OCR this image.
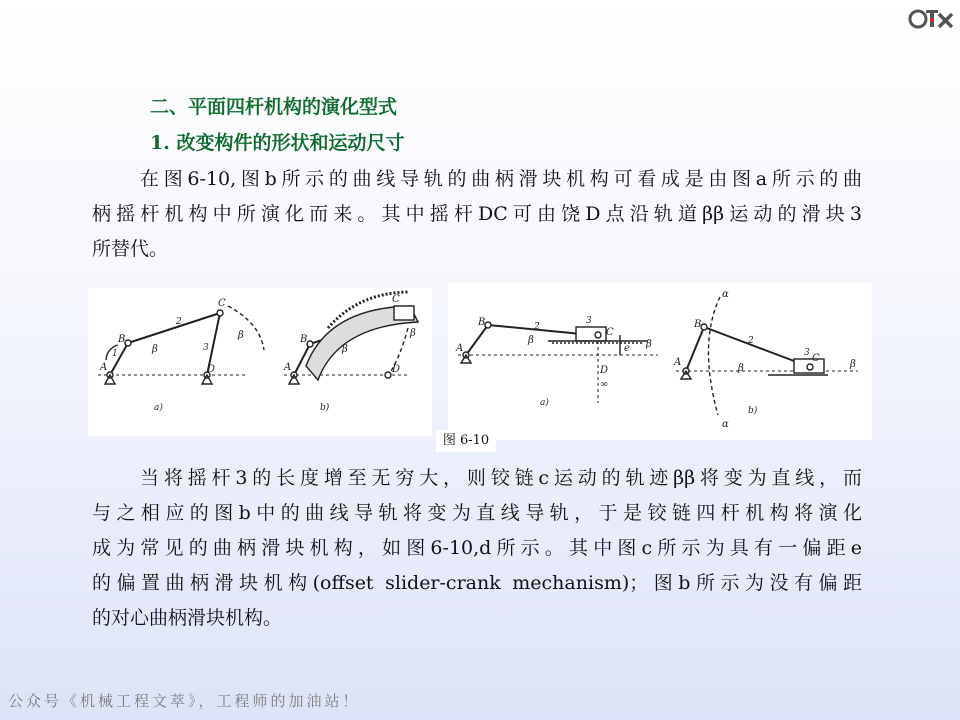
二、平面四杆机构的演化型式
1. 改变构件的形状和运动尺寸
在图6-10,图b所示的曲线导轨的曲柄滑块机构可看成是由图a所示的曲
柄摇杆机构中所演化而来。其中摇杆DC可由饶D点沿轨道ββ运动的滑块3
所替代。
A
B
C
D
1
2
3
β
β
a)
A
B
C
D
β
β
b)
A
B
C
D
∞
2
3
e
β	β
a)
A
B
C
2
3
α
α
β	β
b)
图 6-10
当将摇杆3的长度增至无穷大，则铰链c运动的轨迹ββ将变为直线，而
与之相应的图b中的曲线导轨将变为直线导轨，于是铰链四杆机构将演化
成为常见的曲柄滑块机构，如图6-10,d所示。其中图c所示为具有一偏距e
的偏置曲柄滑块机构(offset slider-crank mechanism)；图b所示为没有偏距
的对心曲柄滑块机构。
公众号《机械工程文萃》，工程师的加油站！
